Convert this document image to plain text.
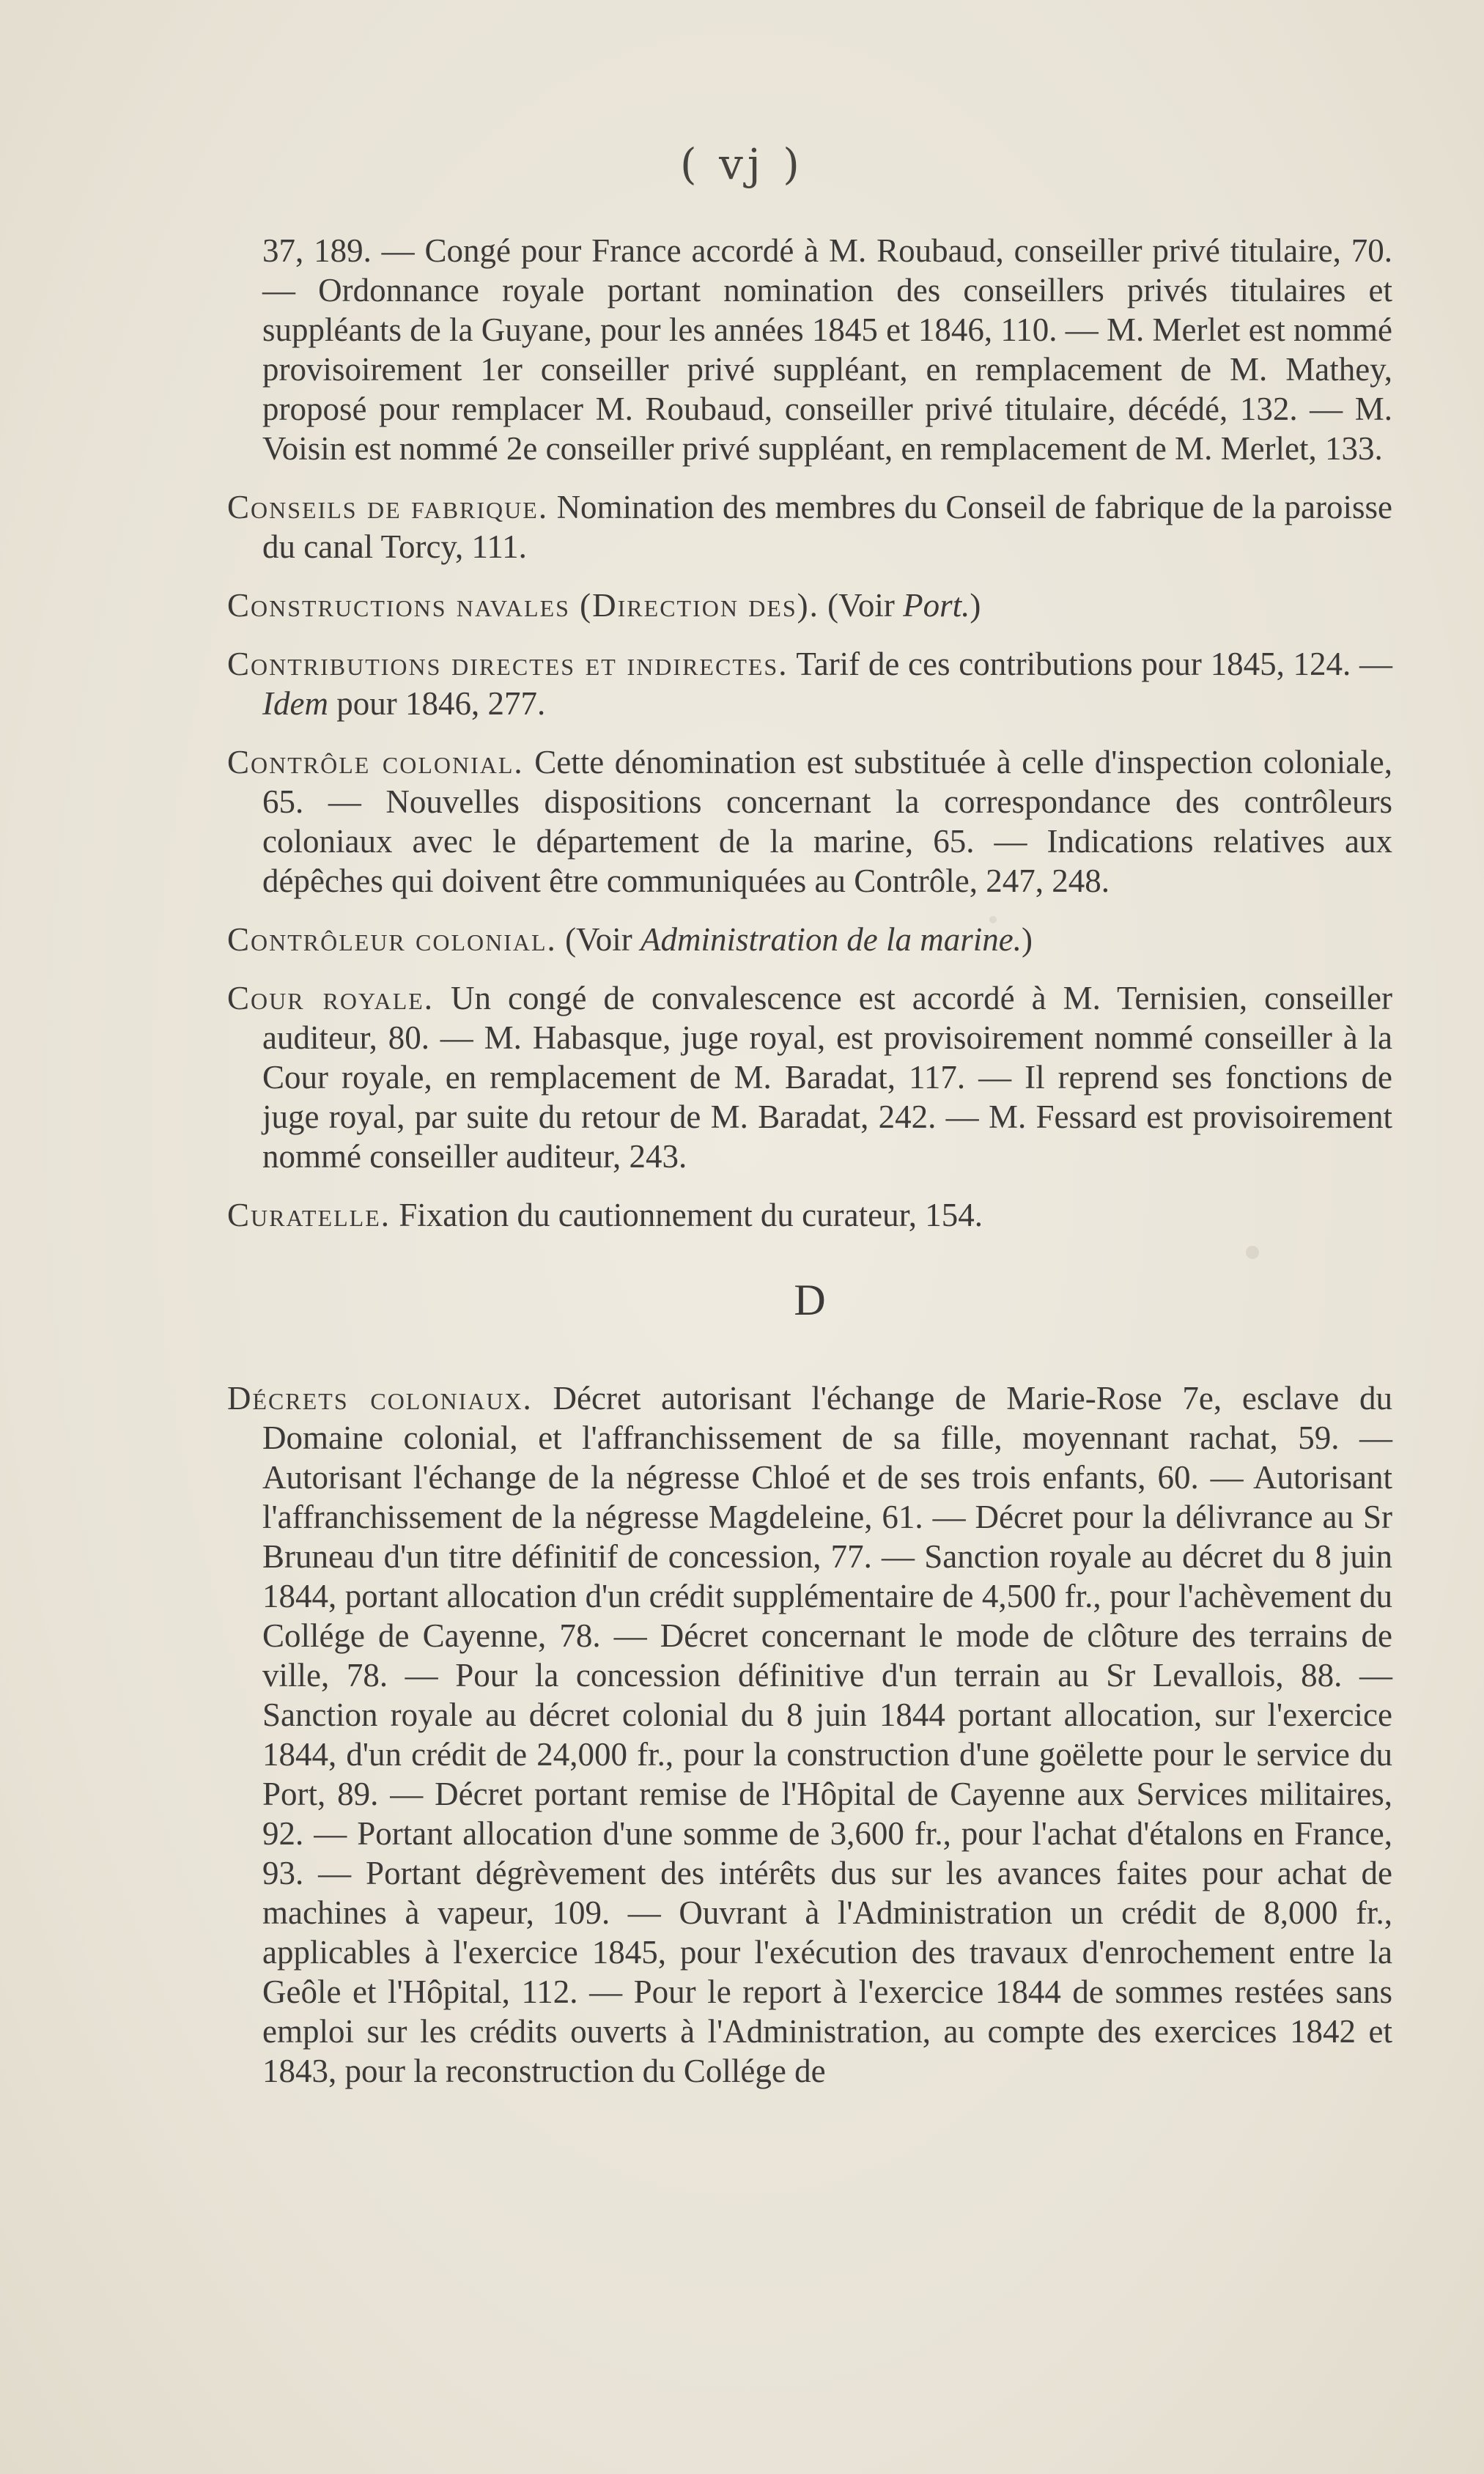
( vj )

37, 189. — Congé pour France accordé à M. Roubaud, conseiller privé titulaire, 70. — Ordonnance royale portant nomination des conseillers privés titulaires et suppléants de la Guyane, pour les années 1845 et 1846, 110. — M. Merlet est nommé provisoirement 1er conseiller privé suppléant, en remplacement de M. Mathey, proposé pour remplacer M. Roubaud, conseiller privé titulaire, décédé, 132. — M. Voisin est nommé 2e conseiller privé suppléant, en remplacement de M. Merlet, 133.

Conseils de fabrique. Nomination des membres du Conseil de fabrique de la paroisse du canal Torcy, 111.

Constructions navales (Direction des). (Voir Port.)

Contributions directes et indirectes. Tarif de ces contributions pour 1845, 124. — Idem pour 1846, 277.

Contrôle colonial. Cette dénomination est substituée à celle d'inspection coloniale, 65. — Nouvelles dispositions concernant la correspondance des contrôleurs coloniaux avec le département de la marine, 65. — Indications relatives aux dépêches qui doivent être communiquées au Contrôle, 247, 248.

Contrôleur colonial. (Voir Administration de la marine.)

Cour royale. Un congé de convalescence est accordé à M. Ternisien, conseiller auditeur, 80. — M. Habasque, juge royal, est provisoirement nommé conseiller à la Cour royale, en remplacement de M. Baradat, 117. — Il reprend ses fonctions de juge royal, par suite du retour de M. Baradat, 242. — M. Fessard est provisoirement nommé conseiller auditeur, 243.

Curatelle. Fixation du cautionnement du curateur, 154.

D

Décrets coloniaux. Décret autorisant l'échange de Marie-Rose 7e, esclave du Domaine colonial, et l'affranchissement de sa fille, moyennant rachat, 59. — Autorisant l'échange de la négresse Chloé et de ses trois enfants, 60. — Autorisant l'affranchissement de la négresse Magdeleine, 61. — Décret pour la délivrance au Sr Bruneau d'un titre définitif de concession, 77. — Sanction royale au décret du 8 juin 1844, portant allocation d'un crédit supplémentaire de 4,500 fr., pour l'achèvement du Collége de Cayenne, 78. — Décret concernant le mode de clôture des terrains de ville, 78. — Pour la concession définitive d'un terrain au Sr Levallois, 88. — Sanction royale au décret colonial du 8 juin 1844 portant allocation, sur l'exercice 1844, d'un crédit de 24,000 fr., pour la construction d'une goëlette pour le service du Port, 89. — Décret portant remise de l'Hôpital de Cayenne aux Services militaires, 92. — Portant allocation d'une somme de 3,600 fr., pour l'achat d'étalons en France, 93. — Portant dégrèvement des intérêts dus sur les avances faites pour achat de machines à vapeur, 109. — Ouvrant à l'Administration un crédit de 8,000 fr., applicables à l'exercice 1845, pour l'exécution des travaux d'enrochement entre la Geôle et l'Hôpital, 112. — Pour le report à l'exercice 1844 de sommes restées sans emploi sur les crédits ouverts à l'Administration, au compte des exercices 1842 et 1843, pour la reconstruction du Collége de
